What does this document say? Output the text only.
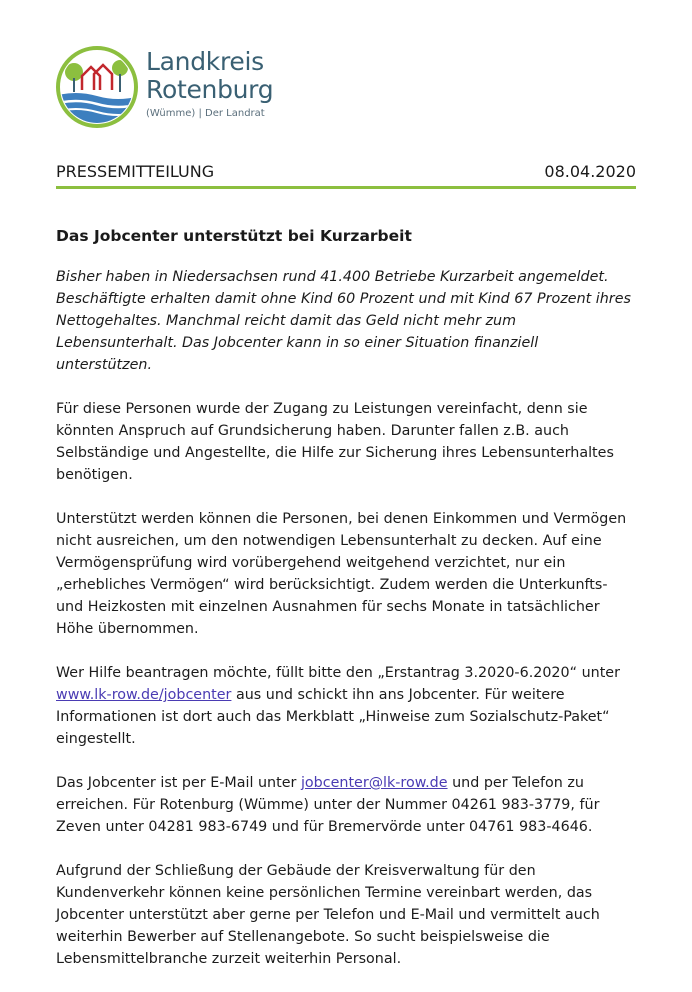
Landkreis
Rotenburg
(Wümme) | Der Landrat
PRESSEMITTEILUNG	08.04.2020
Das Jobcenter unterstützt bei Kurzarbeit

Bisher haben in Niedersachsen rund 41.400 Betriebe Kurzarbeit angemeldet. Beschäftigte erhalten damit ohne Kind 60 Prozent und mit Kind 67 Prozent ihres Nettogehaltes. Manchmal reicht damit das Geld nicht mehr zum Lebensunterhalt. Das Jobcenter kann in so einer Situation finanziell unterstützen.

Für diese Personen wurde der Zugang zu Leistungen vereinfacht, denn sie könnten Anspruch auf Grundsicherung haben. Darunter fallen z.B. auch Selbständige und Angestellte, die Hilfe zur Sicherung ihres Lebensunterhaltes benötigen.

Unterstützt werden können die Personen, bei denen Einkommen und Vermögen nicht ausreichen, um den notwendigen Lebensunterhalt zu decken. Auf eine Vermögensprüfung wird vorübergehend weitgehend verzichtet, nur ein „erhebliches Vermögen“ wird berücksichtigt. Zudem werden die Unterkunfts- und Heizkosten mit einzelnen Ausnahmen für sechs Monate in tatsächlicher Höhe übernommen.

Wer Hilfe beantragen möchte, füllt bitte den „Erstantrag 3.2020-6.2020“ unter www.lk-row.de/jobcenter aus und schickt ihn ans Jobcenter. Für weitere Informationen ist dort auch das Merkblatt „Hinweise zum Sozialschutz-Paket“ eingestellt.

Das Jobcenter ist per E-Mail unter jobcenter@lk-row.de und per Telefon zu erreichen. Für Rotenburg (Wümme) unter der Nummer 04261 983-3779, für Zeven unter 04281 983-6749 und für Bremervörde unter 04761 983-4646.

Aufgrund der Schließung der Gebäude der Kreisverwaltung für den Kundenverkehr können keine persönlichen Termine vereinbart werden, das Jobcenter unterstützt aber gerne per Telefon und E-Mail und vermittelt auch weiterhin Bewerber auf Stellenangebote. So sucht beispielsweise die Lebensmittelbranche zurzeit weiterhin Personal.
